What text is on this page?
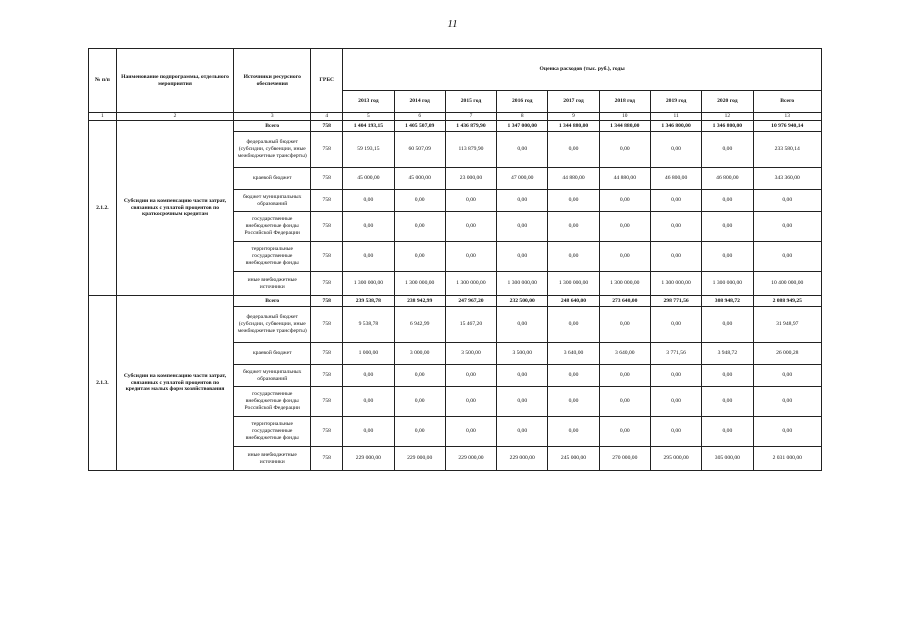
11
№ п/п	Наименование подпрограммы, отдельного мероприятия	Источники ресурсного обеспечения	ГРБС	Оценка расходов (тыс. руб.), годы								
				2013 год	2014 год	2015 год	2016 год	2017 год	2018 год	2019 год	2020 год	Всего
1	2	3	4	5	6	7	8	9	10	11	12	13
2.1.2.	Субсидии на компенсацию части затрат, связанных с уплатой процентов по краткосрочным кредитам	Всего	758	1 404 193,15	1 405 507,09	1 436 879,90	1 347 000,00	1 344 880,00	1 344 880,00	1 346 800,00	1 346 800,00	10 976 940,14
		федеральный бюджет (субсидии, субвенции, иные межбюджетные трансферты)	758	59 193,15	60 507,09	113 879,90	0,00	0,00	0,00	0,00	0,00	233 580,14
		краевой бюджет	758	45 000,00	45 000,00	23 000,00	47 000,00	44 880,00	44 880,00	46 800,00	46 800,00	343 360,00
		бюджет муниципальных образований	758	0,00	0,00	0,00	0,00	0,00	0,00	0,00	0,00	0,00
		государственные внебюджетные фонды Российской Федерации	758	0,00	0,00	0,00	0,00	0,00	0,00	0,00	0,00	0,00
		территориальные государственные внебюджетные фонды	758	0,00	0,00	0,00	0,00	0,00	0,00	0,00	0,00	0,00
		иные внебюджетные источники	758	1 300 000,00	1 300 000,00	1 300 000,00	1 300 000,00	1 300 000,00	1 300 000,00	1 300 000,00	1 300 000,00	10 400 000,00
2.1.3.	Субсидии на компенсацию части затрат, связанных с уплатой процентов по кредитам малых форм хозяйствования	Всего	758	239 538,78	238 942,99	247 967,20	232 500,00	248 640,00	273 640,00	298 771,56	308 948,72	2 088 949,25
		федеральный бюджет (субсидии, субвенции, иные межбюджетные трансферты)	758	9 538,78	6 942,99	15 467,20	0,00	0,00	0,00	0,00	0,00	31 948,97
		краевой бюджет	758	1 000,00	3 000,00	3 500,00	3 500,00	3 640,00	3 640,00	3 771,56	3 948,72	26 000,28
		бюджет муниципальных образований	758	0,00	0,00	0,00	0,00	0,00	0,00	0,00	0,00	0,00
		государственные внебюджетные фонды Российской Федерации	758	0,00	0,00	0,00	0,00	0,00	0,00	0,00	0,00	0,00
		территориальные государственные внебюджетные фонды	758	0,00	0,00	0,00	0,00	0,00	0,00	0,00	0,00	0,00
		иные внебюджетные источники	758	229 000,00	229 000,00	229 000,00	229 000,00	245 000,00	270 000,00	295 000,00	305 000,00	2 031 000,00
